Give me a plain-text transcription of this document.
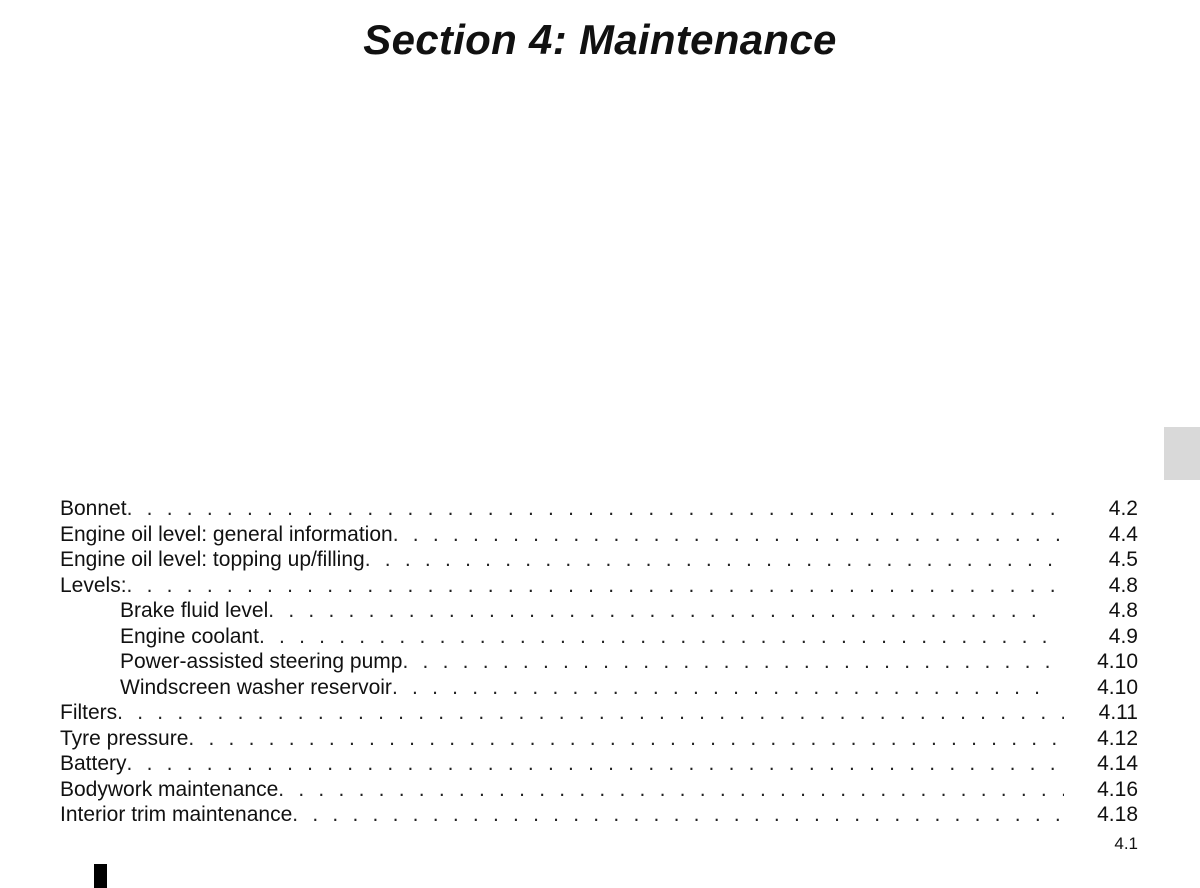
Section 4: Maintenance
Bonnet . . .	4.2
Engine oil level: general information . . .	4.4
Engine oil level: topping up/filling . . .	4.5
Levels: . . .	4.8
Brake fluid level . . .	4.8
Engine coolant . . .	4.9
Power-assisted steering pump . . .	4.10
Windscreen washer reservoir . . .	4.10
Filters . . .	4.11
Tyre pressure . . .	4.12
Battery . . .	4.14
Bodywork maintenance . . .	4.16
Interior trim maintenance . . .	4.18
4.1
